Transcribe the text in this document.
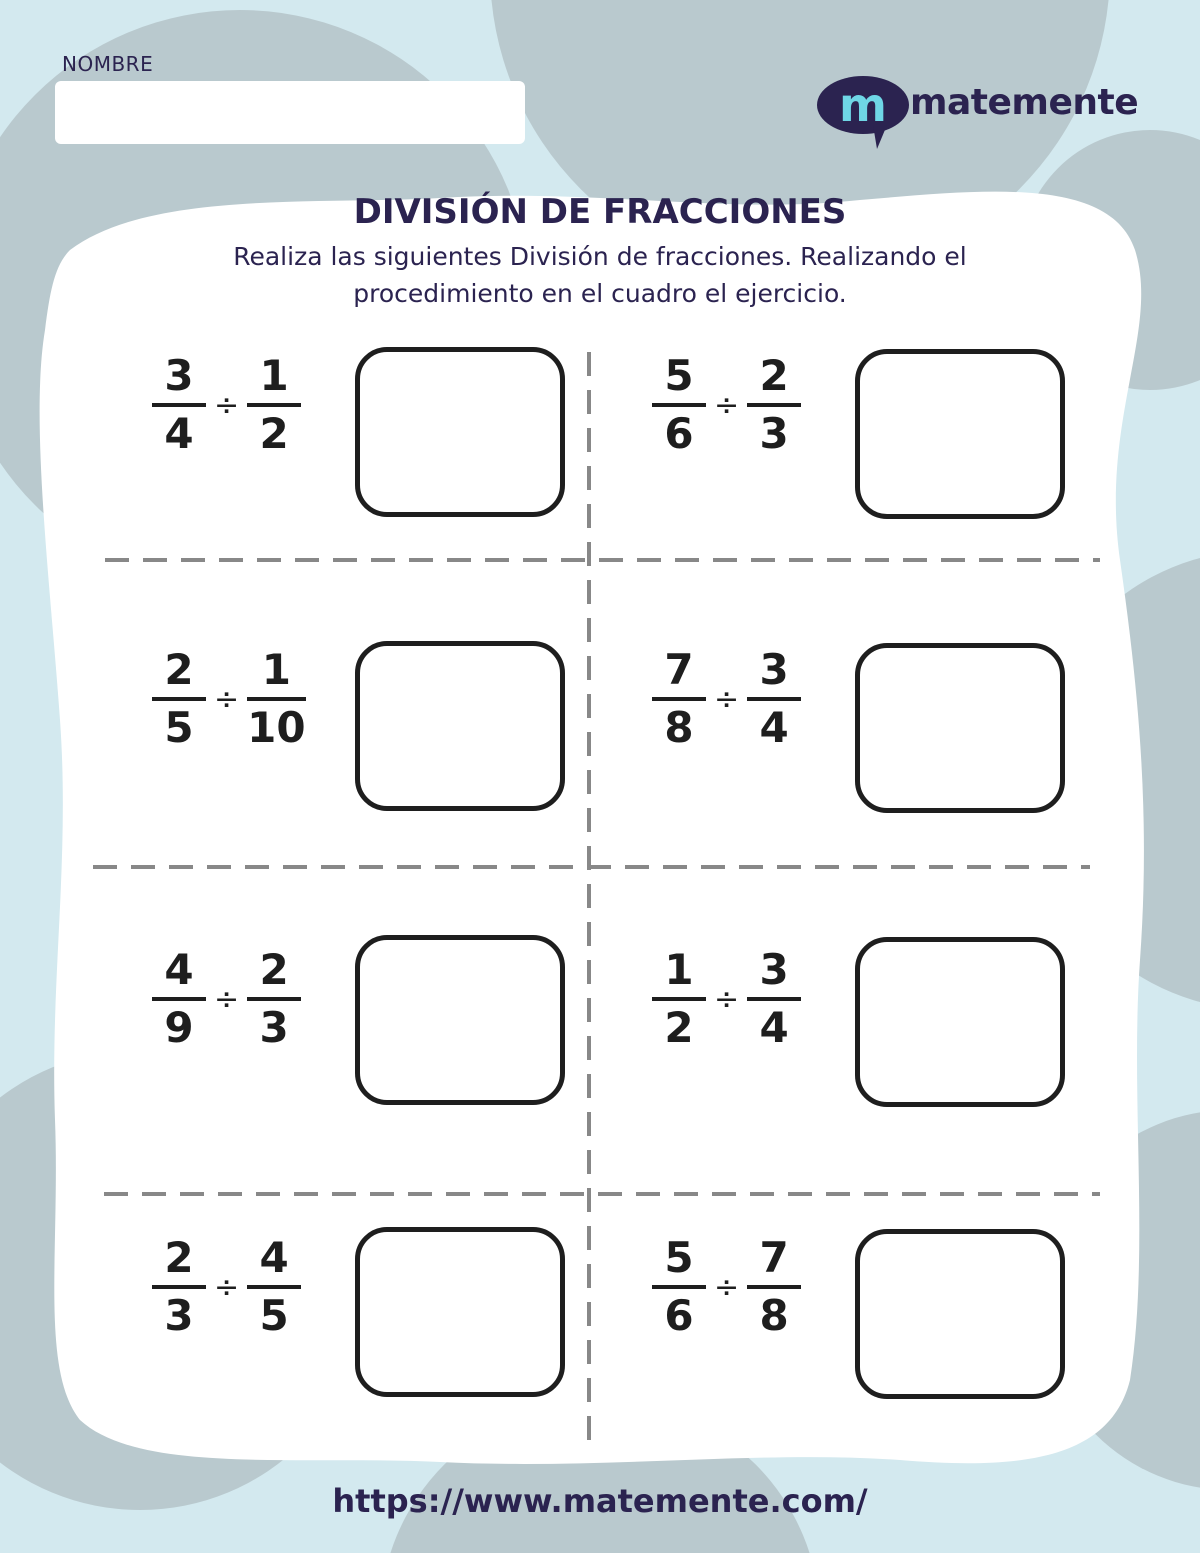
NOMBRE
m matemente
DIVISIÓN DE FRACCIONES
Realiza las siguientes División de fracciones. Realizando el
procedimiento en el cuadro el ejercicio.
$\frac{3}{4} \div \frac{1}{2}$	$\frac{5}{6} \div \frac{2}{3}$
$\frac{2}{5} \div \frac{1}{10}$	$\frac{7}{8} \div \frac{3}{4}$
$\frac{4}{9} \div \frac{2}{3}$	$\frac{1}{2} \div \frac{3}{4}$
$\frac{2}{3} \div \frac{4}{5}$	$\frac{5}{6} \div \frac{7}{8}$
https://www.matemente.com/
